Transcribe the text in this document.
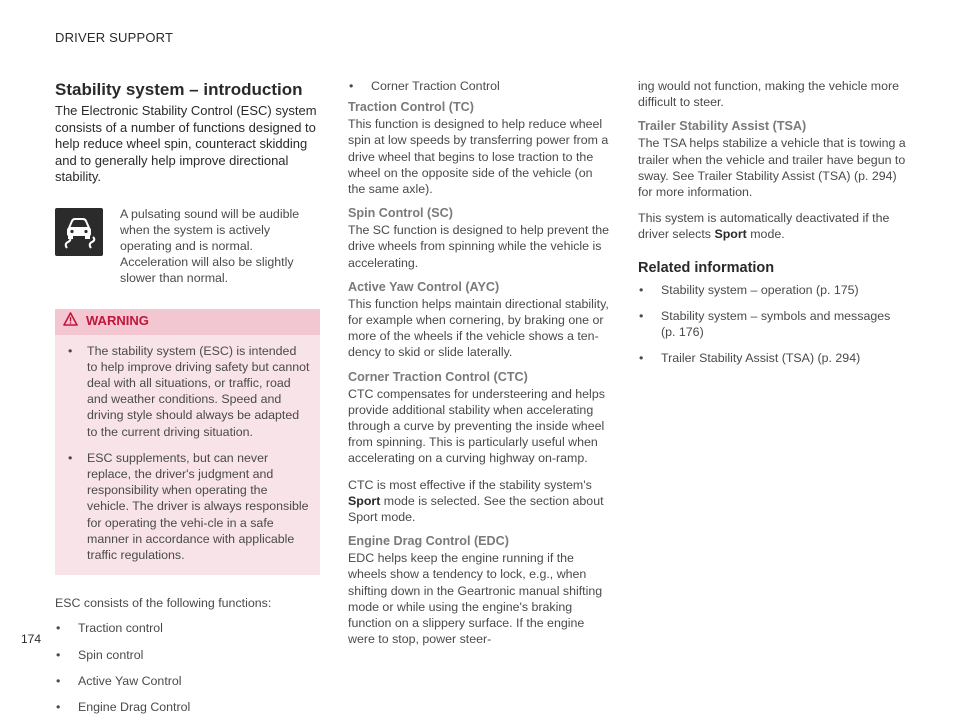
DRIVER SUPPORT
Stability system – introduction

The Electronic Stability Control (ESC) system consists of a number of functions designed to help reduce wheel spin, counteract skidding and to generally help improve directional stability.

A pulsating sound will be audible when the system is actively operating and is normal. Acceleration will also be slightly slower than normal.
WARNING
• The stability system (ESC) is intended to help improve driving safety but cannot deal with all situations, or traffic, road and weather conditions. Speed and driving style should always be adapted to the current driving situation.
• ESC supplements, but can never replace, the driver's judgment and responsibility when operating the vehicle. The driver is always responsible for operating the vehi-cle in a safe manner in accordance with applicable traffic regulations.

ESC consists of the following functions:

• Traction control
• Spin control
• Active Yaw Control
• Engine Drag Control
• Corner Traction Control
Traction Control (TC)

This function is designed to help reduce wheel spin at low speeds by transferring power from a drive wheel that begins to lose traction to the wheel on the opposite side of the vehicle (on the same axle).

Spin Control (SC)

The SC function is designed to help prevent the drive wheels from spinning while the vehicle is accelerating.

Active Yaw Control (AYC)

This function helps maintain directional stability, for example when cornering, by braking one or more of the wheels if the vehicle shows a ten-dency to skid or slide laterally.

Corner Traction Control (CTC)

CTC compensates for understeering and helps provide additional stability when accelerating through a curve by preventing the inside wheel from spinning. This is particularly useful when accelerating on a curving highway on-ramp.

CTC is most effective if the stability system's
Sport mode is selected. See the section about Sport mode.

Engine Drag Control (EDC)

EDC helps keep the engine running if the wheels show a tendency to lock, e.g., when shifting down in the Geartronic manual shifting mode or while using the engine's braking function on a slippery surface. If the engine were to stop, power steer-

ing would not function, making the vehicle more difficult to steer.

Trailer Stability Assist (TSA)

The TSA helps stabilize a vehicle that is towing a trailer when the vehicle and trailer have begun to sway. See Trailer Stability Assist (TSA) (p. 294) for more information.

This system is automatically deactivated if the driver selects Sport mode.

Related information
• Stability system – operation (p. 175)
• Stability system – symbols and messages (p. 176)
• Trailer Stability Assist (TSA) (p. 294)
174
